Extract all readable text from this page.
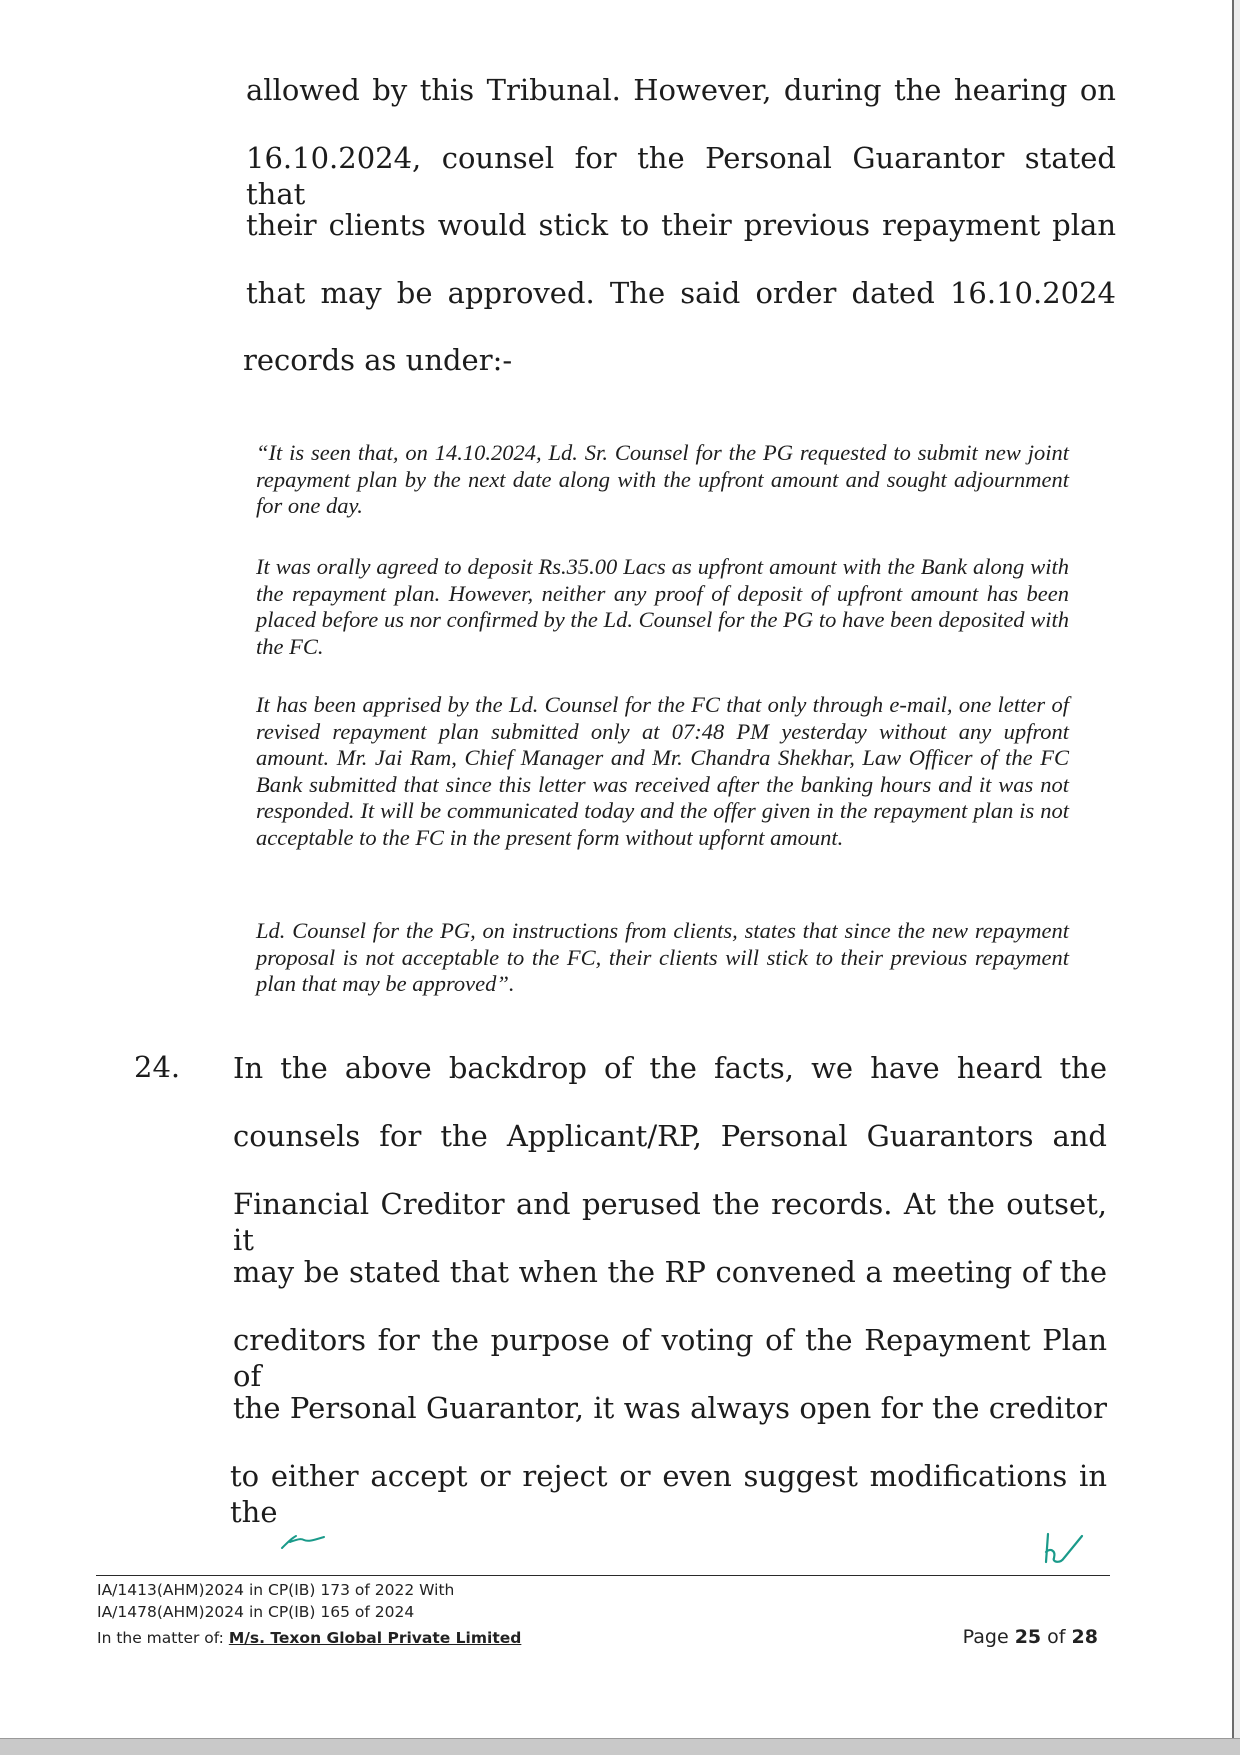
allowed by this Tribunal. However, during the hearing on
16.10.2024, counsel for the Personal Guarantor stated that
their clients would stick to their previous repayment plan
that may be approved. The said order dated 16.10.2024
records as under:-

“It is seen that, on 14.10.2024, Ld. Sr. Counsel for the PG requested to submit new joint repayment plan by the next date along with the upfront amount and sought adjournment for one day.

It was orally agreed to deposit Rs.35.00 Lacs as upfront amount with the Bank along with the repayment plan. However, neither any proof of deposit of upfront amount has been placed before us nor confirmed by the Ld. Counsel for the PG to have been deposited with the FC.

It has been apprised by the Ld. Counsel for the FC that only through e-mail, one letter of revised repayment plan submitted only at 07:48 PM yesterday without any upfront amount. Mr. Jai Ram, Chief Manager and Mr. Chandra Shekhar, Law Officer of the FC Bank submitted that since this letter was received after the banking hours and it was not responded. It will be communicated today and the offer given in the repayment plan is not acceptable to the FC in the present form without upfornt amount.

Ld. Counsel for the PG, on instructions from clients, states that since the new repayment proposal is not acceptable to the FC, their clients will stick to their previous repayment plan that may be approved”.

24. In the above backdrop of the facts, we have heard the
counsels for the Applicant/RP, Personal Guarantors and
Financial Creditor and perused the records. At the outset, it
may be stated that when the RP convened a meeting of the
creditors for the purpose of voting of the Repayment Plan of
the Personal Guarantor, it was always open for the creditor
to either accept or reject or even suggest modifications in the
IA/1413(AHM)2024 in CP(IB) 173 of 2022 With
IA/1478(AHM)2024 in CP(IB) 165 of 2024
In the matter of: M/s. Texon Global Private Limited	Page 25 of 28
